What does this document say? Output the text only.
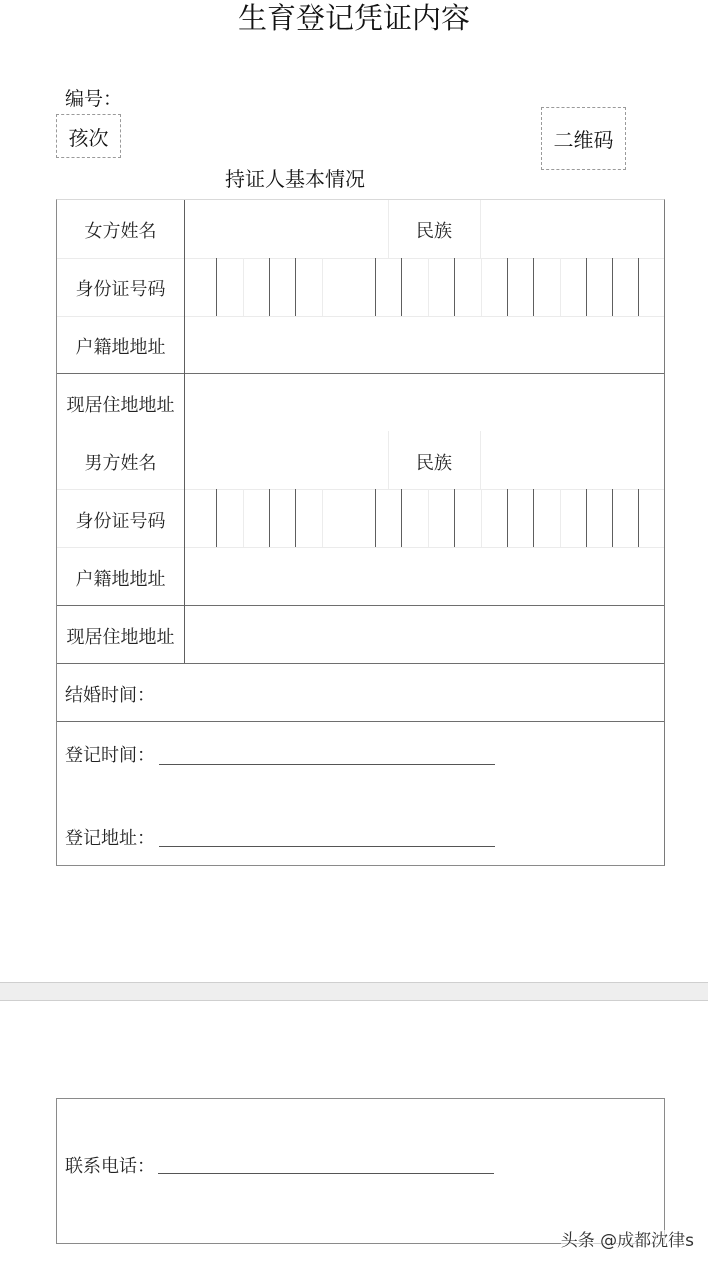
生育登记凭证内容
编号：
孩次	二维码
持证人基本情况
女方姓名	民族
身份证号码
户籍地地址
现居住地地址
男方姓名	民族
身份证号码
户籍地地址
现居住地地址
结婚时间：
登记时间：
登记地址：
联系电话：
头条 @成都沈律s
